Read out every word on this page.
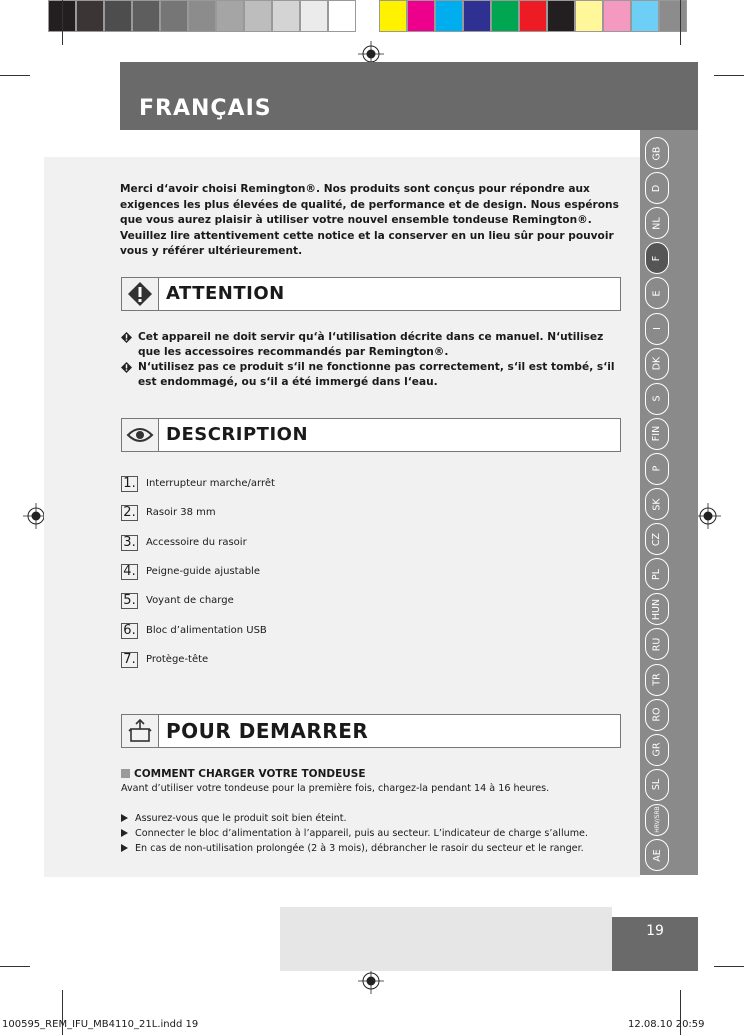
FRANÇAIS
GB
D
NL
F
E
I
DK
S
FIN
P
SK
CZ
PL
HUN
RU
TR
RO
GR
SL
HRV/SRB
AE
Merci d‘avoir choisi Remington®. Nos produits sont conçus pour répondre aux exigences les plus élevées de qualité, de performance et de design. Nous espérons que vous aurez plaisir à utiliser votre nouvel ensemble tondeuse Remington®. Veuillez lire attentivement cette notice et la conserver en un lieu sûr pour pouvoir vous y référer ultérieurement.
ATTENTION
Cet appareil ne doit servir qu‘à l‘utilisation décrite dans ce manuel. N‘utilisez que les accessoires recommandés par Remington®.
N‘utilisez pas ce produit s‘il ne fonctionne pas correctement, s‘il est tombé, s‘il est endommagé, ou s‘il a été immergé dans l‘eau.
DESCRIPTION
1. Interrupteur marche/arrêt
2. Rasoir 38 mm
3. Accessoire du rasoir
4. Peigne-guide ajustable
5. Voyant de charge
6. Bloc d’alimentation USB
7. Protège-tête
POUR DEMARRER
COMMENT CHARGER VOTRE TONDEUSE
Avant d’utiliser votre tondeuse pour la première fois, chargez-la pendant 14 à 16 heures.
Assurez-vous que le produit soit bien éteint.
Connecter le bloc d’alimentation à l’appareil, puis au secteur. L’indicateur de charge s’allume.
En cas de non-utilisation prolongée (2 à 3 mois), débrancher le rasoir du secteur et le ranger.
19
100595_REM_IFU_MB4110_21L.indd 19	12.08.10 20:59
